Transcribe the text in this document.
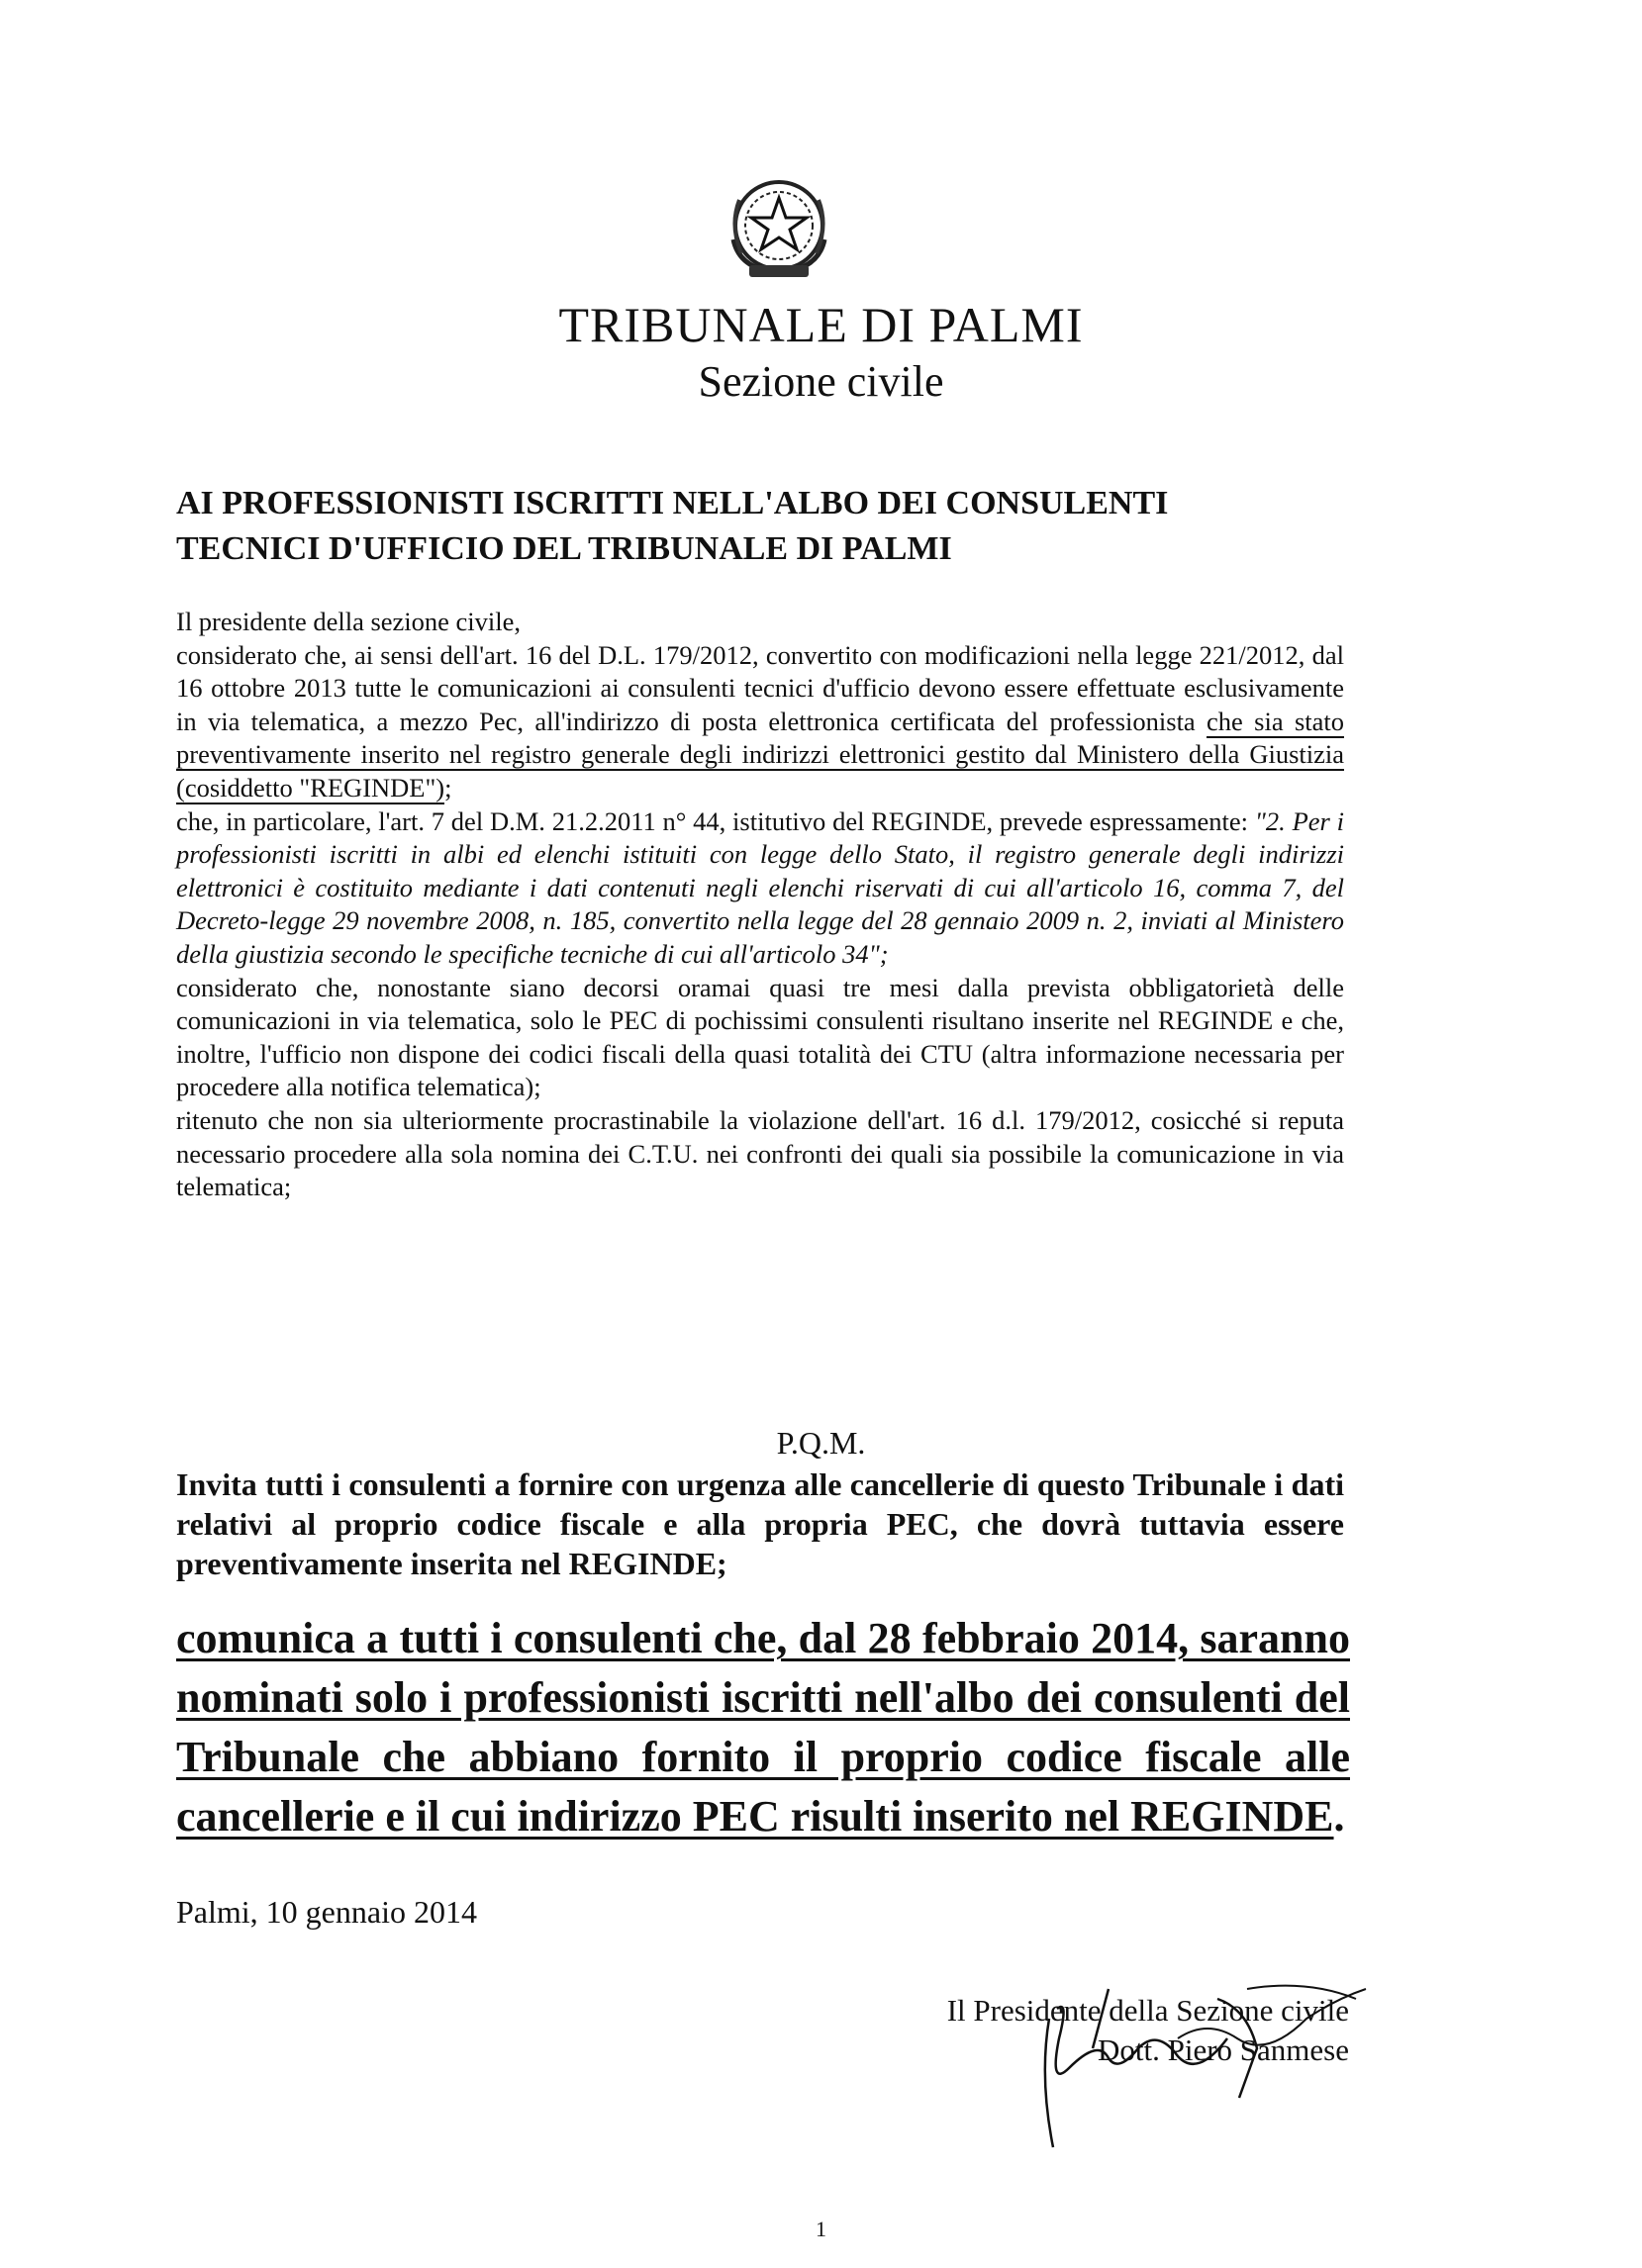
TRIBUNALE DI PALMI
Sezione civile
AI PROFESSIONISTI ISCRITTI NELL'ALBO DEI CONSULENTI
TECNICI D'UFFICIO DEL TRIBUNALE DI PALMI

Il presidente della sezione civile,

considerato che, ai sensi dell'art. 16 del D.L. 179/2012, convertito con modificazioni nella legge 221/2012, dal 16 ottobre 2013 tutte le comunicazioni ai consulenti tecnici d'ufficio devono essere effettuate esclusivamente in via telematica, a mezzo Pec, all'indirizzo di posta elettronica certificata del professionista che sia stato preventivamente inserito nel registro generale degli indirizzi elettronici gestito dal Ministero della Giustizia (cosiddetto "REGINDE");

che, in particolare, l'art. 7 del D.M. 21.2.2011 n° 44, istitutivo del REGINDE, prevede espressamente: "2. Per i professionisti iscritti in albi ed elenchi istituiti con legge dello Stato, il registro generale degli indirizzi elettronici è costituito mediante i dati contenuti negli elenchi riservati di cui all'articolo 16, comma 7, del Decreto-legge 29 novembre 2008, n. 185, convertito nella legge del 28 gennaio 2009 n. 2, inviati al Ministero della giustizia secondo le specifiche tecniche di cui all'articolo 34";

considerato che, nonostante siano decorsi oramai quasi tre mesi dalla prevista obbligatorietà delle comunicazioni in via telematica, solo le PEC di pochissimi consulenti risultano inserite nel REGINDE e che, inoltre, l'ufficio non dispone dei codici fiscali della quasi totalità dei CTU (altra informazione necessaria per procedere alla notifica telematica);

ritenuto che non sia ulteriormente procrastinabile la violazione dell'art. 16 d.l. 179/2012, cosicché si reputa necessario procedere alla sola nomina dei C.T.U. nei confronti dei quali sia possibile la comunicazione in via telematica;

P.Q.M.
Invita tutti i consulenti a fornire con urgenza alle cancellerie di questo Tribunale i dati relativi al proprio codice fiscale e alla propria PEC, che dovrà tuttavia essere preventivamente inserita nel REGINDE;
comunica a tutti i consulenti che, dal 28 febbraio 2014, saranno nominati solo i professionisti iscritti nell'albo dei consulenti del Tribunale che abbiano fornito il proprio codice fiscale alle cancellerie e il cui indirizzo PEC risulti inserito nel REGINDE.
Palmi, 10 gennaio 2014
Il Presidente della Sezione civile
Dott. Piero Sanmese
1
